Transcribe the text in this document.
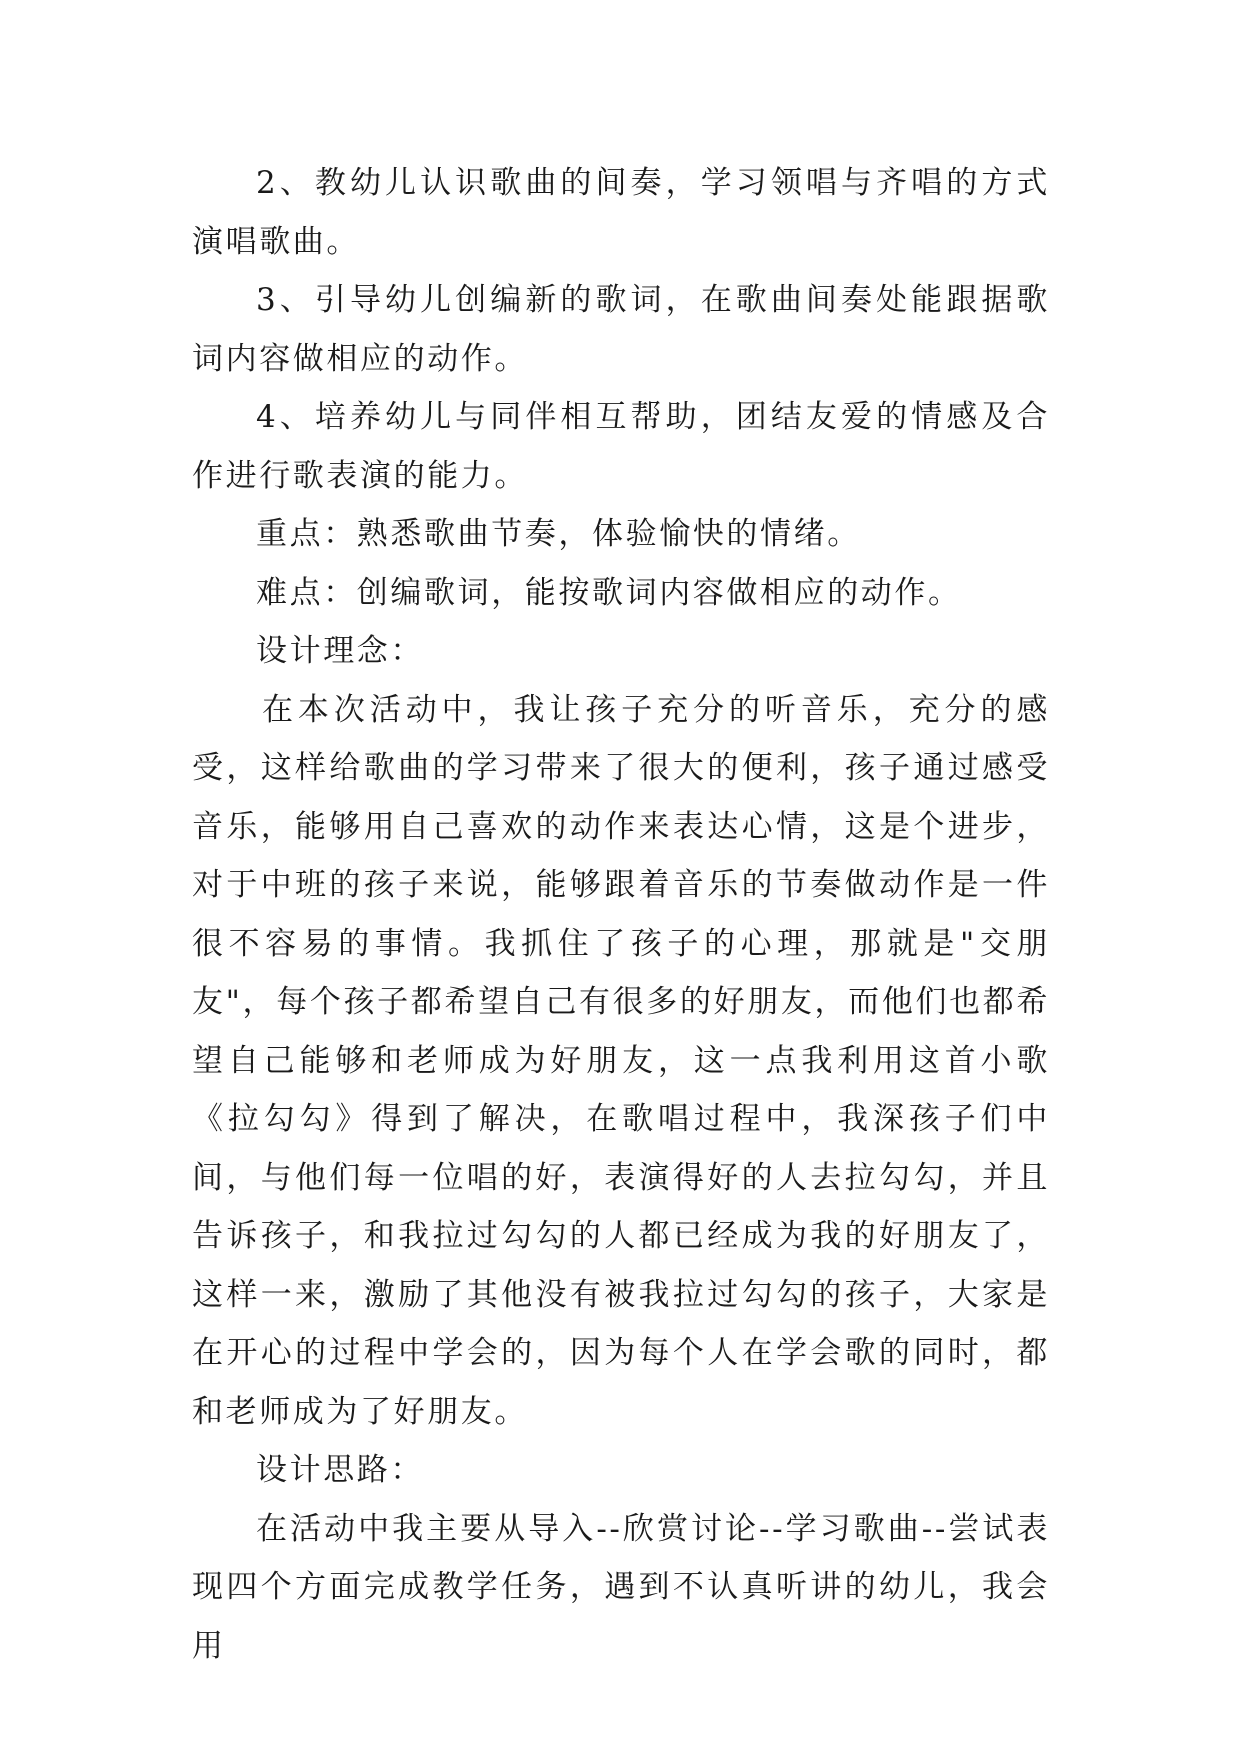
2、教幼儿认识歌曲的间奏，学习领唱与齐唱的方式演唱歌曲。

3、引导幼儿创编新的歌词，在歌曲间奏处能跟据歌词内容做相应的动作。

4、培养幼儿与同伴相互帮助，团结友爱的情感及合作进行歌表演的能力。

重点：熟悉歌曲节奏，体验愉快的情绪。

难点：创编歌词，能按歌词内容做相应的动作。

设计理念：

在本次活动中，我让孩子充分的听音乐，充分的感受，这样给歌曲的学习带来了很大的便利，孩子通过感受音乐，能够用自己喜欢的动作来表达心情，这是个进步，对于中班的孩子来说，能够跟着音乐的节奏做动作是一件很不容易的事情。我抓住了孩子的心理，那就是"交朋友"，每个孩子都希望自己有很多的好朋友，而他们也都希望自己能够和老师成为好朋友，这一点我利用这首小歌《拉勾勾》得到了解决，在歌唱过程中，我深孩子们中间，与他们每一位唱的好，表演得好的人去拉勾勾，并且告诉孩子，和我拉过勾勾的人都已经成为我的好朋友了，这样一来，激励了其他没有被我拉过勾勾的孩子，大家是在开心的过程中学会的，因为每个人在学会歌的同时，都和老师成为了好朋友。

设计思路：

在活动中我主要从导入--欣赏讨论--学习歌曲--尝试表现四个方面完成教学任务，遇到不认真听讲的幼儿，我会用
